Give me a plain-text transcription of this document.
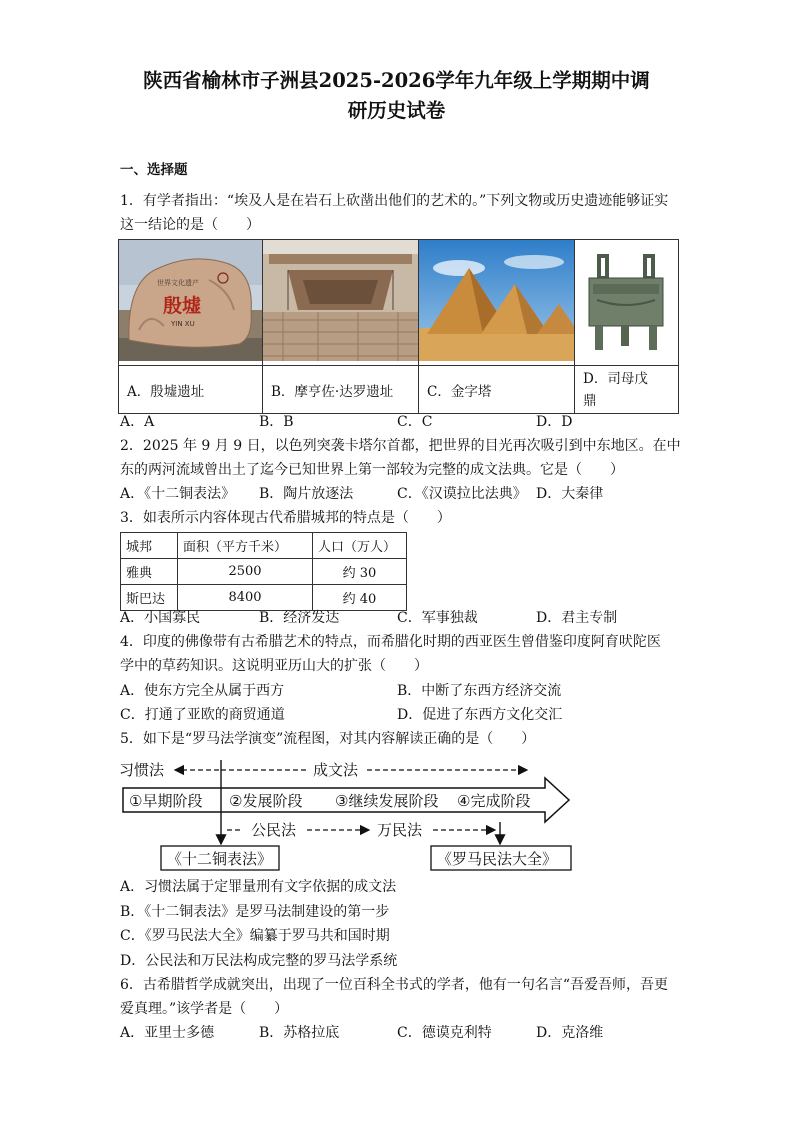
陕西省榆林市子洲县2025-2026学年九年级上学期期中调
研历史试卷
一、选择题
1．有学者指出：“埃及人是在岩石上砍凿出他们的艺术的。”下列文物或历史遗迹能够证实
这一结论的是（　　）
世界文化遗产
殷墟
YIN XU

A．殷墟遗址	B．摩亨佐·达罗遗址	C．金字塔	D．司母戊
鼎
A．A	B．B	C．C	D．D
2．2025 年 9 月 9 日，以色列突袭卡塔尔首都，把世界的目光再次吸引到中东地区。在中
东的两河流域曾出土了迄今已知世界上第一部较为完整的成文法典。它是（　　）
A．《十二铜表法》 B．陶片放逐法	C．《汉谟拉比法典》 D．大秦律
3．如表所示内容体现古代希腊城邦的特点是（　　）
城邦	面积（平方千米）	人口（万人）
雅典	2500	约 30
斯巴达	8400	约 40
A．小国寡民	B．经济发达	C．军事独裁	D．君主专制
4．印度的佛像带有古希腊艺术的特点，而希腊化时期的西亚医生曾借鉴印度阿育吠陀医
学中的草药知识。这说明亚历山大的扩张（　　）
A．使东方完全从属于西方	B．中断了东西方经济交流
C．打通了亚欧的商贸通道	D．促进了东西方文化交汇
5．如下是“罗马法学演变”流程图，对其内容解读正确的是（　　）
习惯法	成文法
①早期阶段 ②发展阶段 ③继续发展阶段 ④完成阶段
公民法	万民法
《十二铜表法》	《罗马民法大全》
A．习惯法属于定罪量刑有文字依据的成文法
B．《十二铜表法》是罗马法制建设的第一步
C．《罗马民法大全》编纂于罗马共和国时期
D．公民法和万民法构成完整的罗马法学系统
6．古希腊哲学成就突出，出现了一位百科全书式的学者，他有一句名言“吾爱吾师，吾更
爱真理。”该学者是（　　）
A．亚里士多德	B．苏格拉底	C．德谟克利特	D．克洛维
